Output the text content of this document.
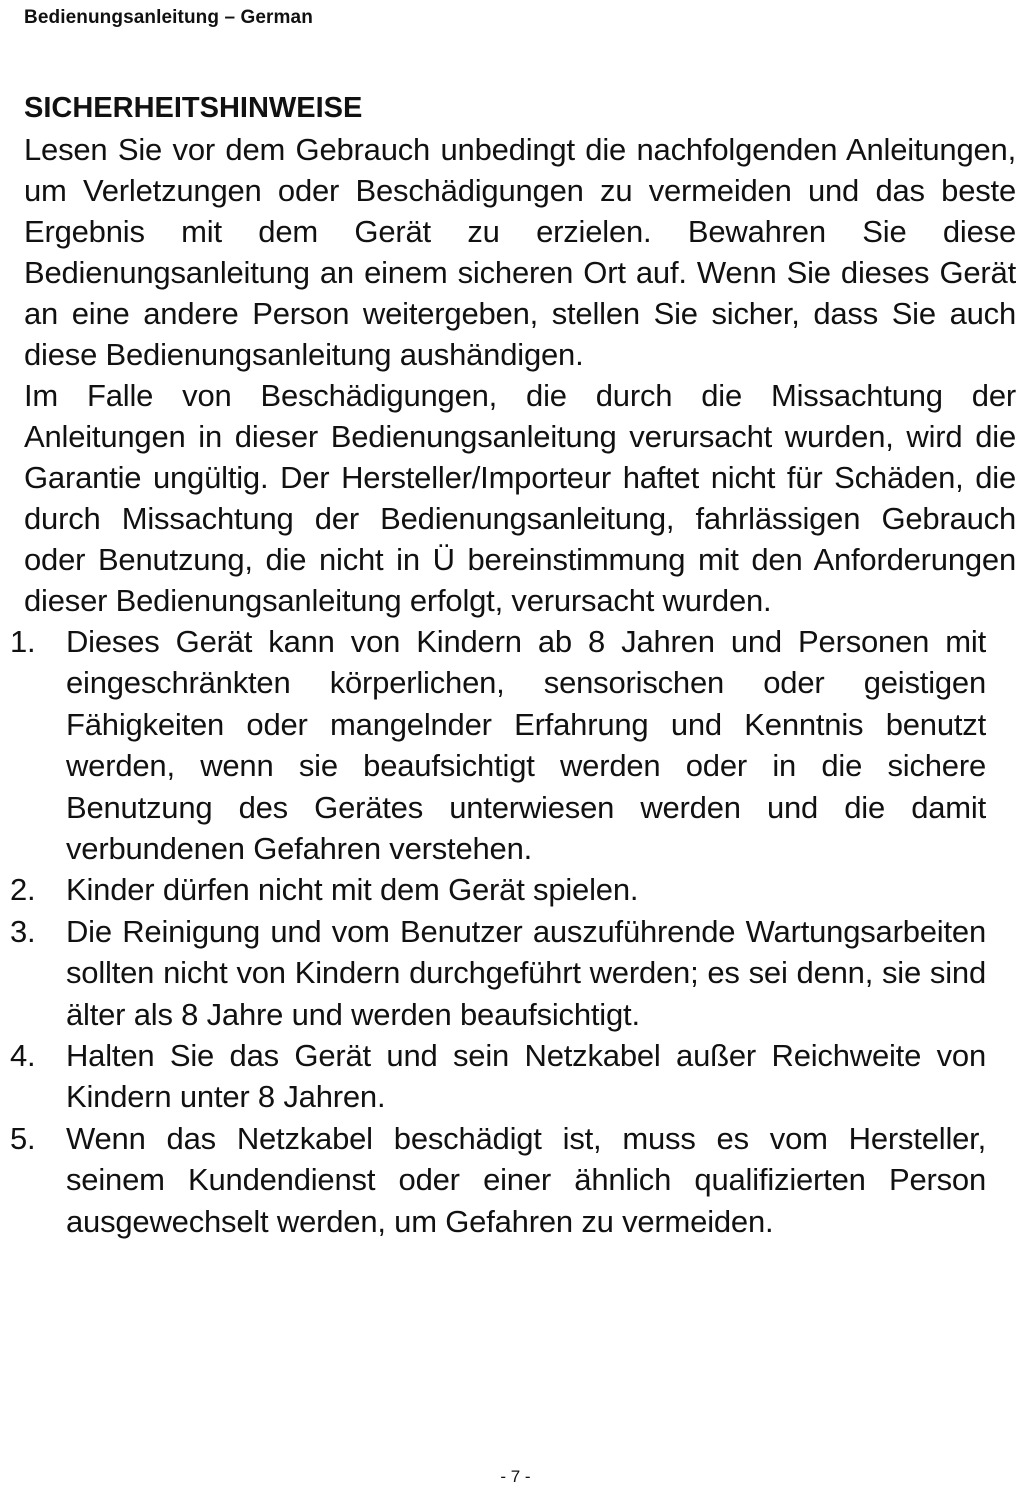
Bedienungsanleitung – German
SICHERHEITSHINWEISE

Lesen Sie vor dem Gebrauch unbedingt die nachfolgenden Anleitungen, um Verletzungen oder Beschädigungen zu vermeiden und das beste Ergebnis mit dem Gerät zu erzielen. Bewahren Sie diese Bedienungsanleitung an einem sicheren Ort auf. Wenn Sie dieses Gerät an eine andere Person weitergeben, stellen Sie sicher, dass Sie auch diese Bedienungsanleitung aushändigen.

Im Falle von Beschädigungen, die durch die Missachtung der Anleitungen in dieser Bedienungsanleitung verursacht wurden, wird die Garantie ungültig. Der Hersteller/Importeur haftet nicht für Schäden, die durch Missachtung der Bedienungsanleitung, fahrlässigen Gebrauch oder Benutzung, die nicht in Ü bereinstimmung mit den Anforderungen dieser Bedienungsanleitung erfolgt, verursacht wurden.

1. Dieses Gerät kann von Kindern ab 8 Jahren und Personen mit eingeschränkten körperlichen, sensorischen oder geistigen Fähigkeiten oder mangelnder Erfahrung und Kenntnis benutzt werden, wenn sie beaufsichtigt werden oder in die sichere Benutzung des Gerätes unterwiesen werden und die damit verbundenen Gefahren verstehen.
2. Kinder dürfen nicht mit dem Gerät spielen.
3. Die Reinigung und vom Benutzer auszuführende Wartungsarbeiten sollten nicht von Kindern durchgeführt werden; es sei denn, sie sind älter als 8 Jahre und werden beaufsichtigt.
4. Halten Sie das Gerät und sein Netzkabel außer Reichweite von Kindern unter 8 Jahren.
5. Wenn das Netzkabel beschädigt ist, muss es vom Hersteller, seinem Kundendienst oder einer ähnlich qualifizierten Person ausgewechselt werden, um Gefahren zu vermeiden.
- 7 -
